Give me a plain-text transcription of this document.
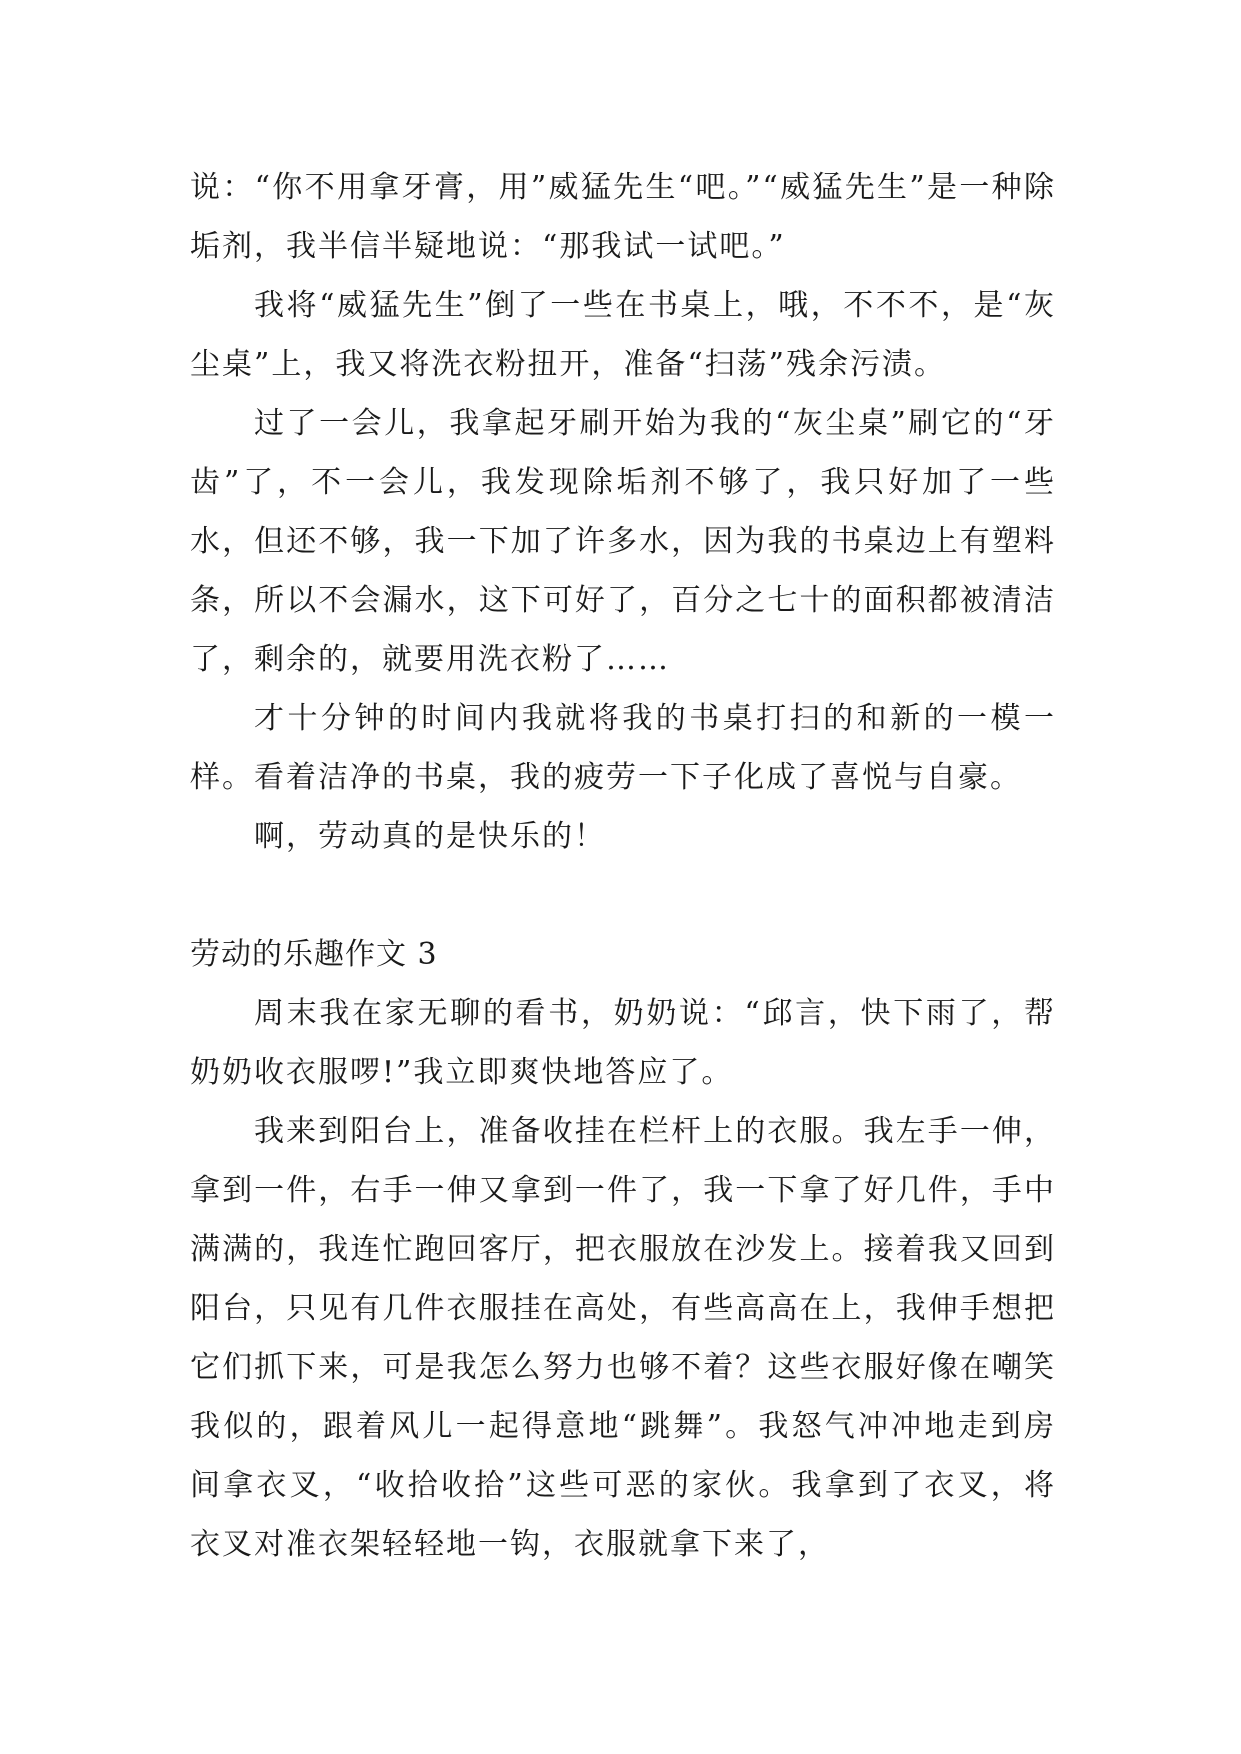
说：“你不用拿牙膏，用”威猛先生“吧。”“威猛先生”是一种除垢剂，我半信半疑地说：“那我试一试吧。”

我将“威猛先生”倒了一些在书桌上，哦，不不不，是“灰尘桌”上，我又将洗衣粉扭开，准备“扫荡”残余污渍。

过了一会儿，我拿起牙刷开始为我的“灰尘桌”刷它的“牙齿”了，不一会儿，我发现除垢剂不够了，我只好加了一些水，但还不够，我一下加了许多水，因为我的书桌边上有塑料条，所以不会漏水，这下可好了，百分之七十的面积都被清洁了，剩余的，就要用洗衣粉了……

才十分钟的时间内我就将我的书桌打扫的和新的一模一样。看着洁净的书桌，我的疲劳一下子化成了喜悦与自豪。

啊，劳动真的是快乐的！

劳动的乐趣作文 3

周末我在家无聊的看书，奶奶说：“邱言，快下雨了，帮奶奶收衣服啰!”我立即爽快地答应了。

我来到阳台上，准备收挂在栏杆上的衣服。我左手一伸，拿到一件，右手一伸又拿到一件了，我一下拿了好几件，手中满满的，我连忙跑回客厅，把衣服放在沙发上。接着我又回到阳台，只见有几件衣服挂在高处，有些高高在上，我伸手想把它们抓下来，可是我怎么努力也够不着？这些衣服好像在嘲笑我似的，跟着风儿一起得意地“跳舞”。我怒气冲冲地走到房间拿衣叉，“收拾收拾”这些可恶的家伙。我拿到了衣叉，将衣叉对准衣架轻轻地一钩，衣服就拿下来了，
